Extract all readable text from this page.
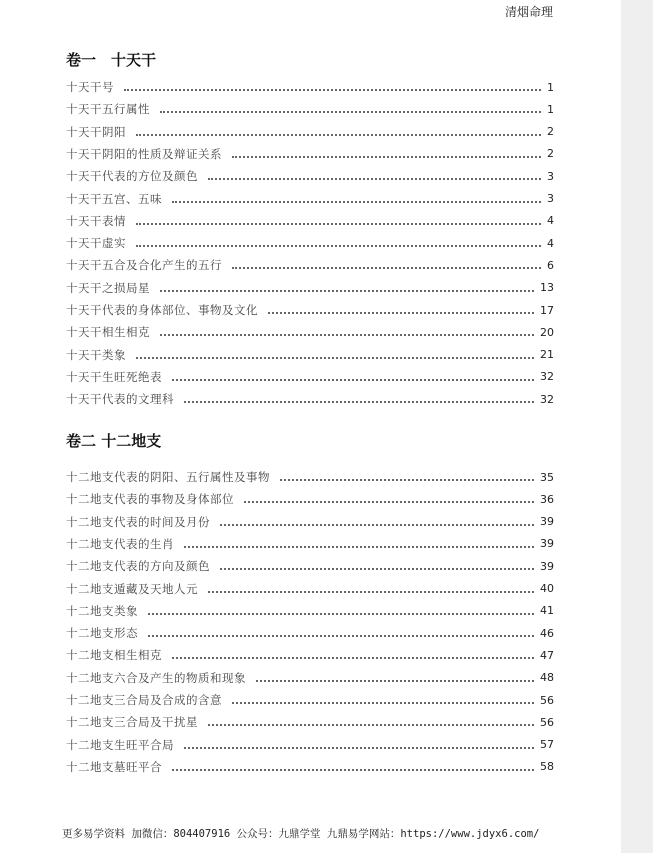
清烟命理
卷一　十天干
十天干号	1
十天干五行属性	1
十天干阴阳	2
十天干阴阳的性质及辩证关系	2
十天干代表的方位及颜色	3
十天干五宫、五味	3
十天干表情	4
十天干虚实	4
十天干五合及合化产生的五行	6
十天干之损局星	13
十天干代表的身体部位、事物及文化	17
十天干相生相克	20
十天干类象	21
十天干生旺死绝表	32
十天干代表的文理科	32
卷二 十二地支
十二地支代表的阴阳、五行属性及事物	35
十二地支代表的事物及身体部位	36
十二地支代表的时间及月份	39
十二地支代表的生肖	39
十二地支代表的方向及颜色	39
十二地支遁藏及天地人元	40
十二地支类象	41
十二地支形态	46
十二地支相生相克	47
十二地支六合及产生的物质和现象	48
十二地支三合局及合成的含意	56
十二地支三合局及干扰星	56
十二地支生旺平合局	57
十二地支墓旺平合	58
更多易学资料 加微信：804407916 公众号：九鼎学堂 九鼎易学网站：https://www.jdyx6.com/
